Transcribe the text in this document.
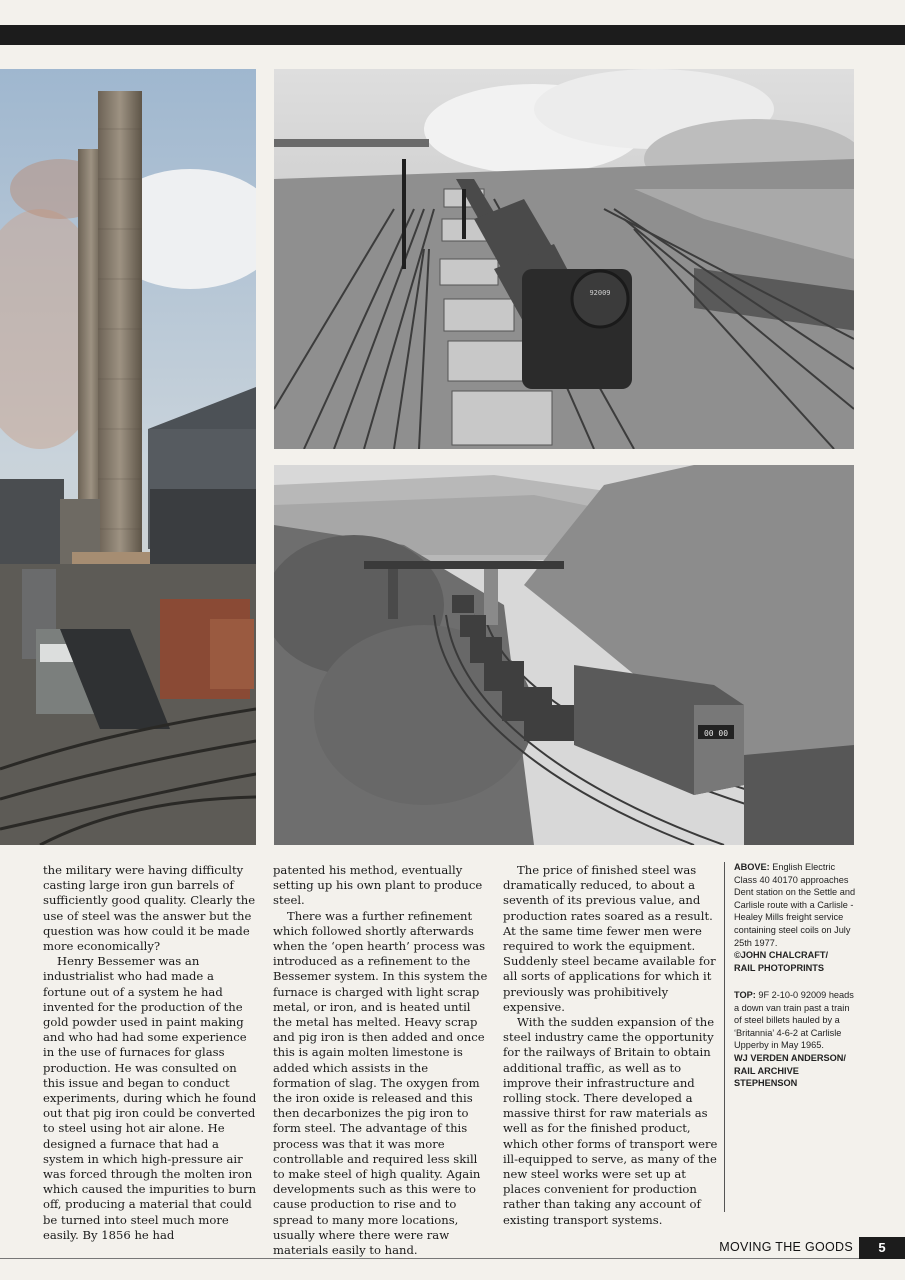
92009
00 00

the military were having difficulty casting large iron gun barrels of sufficiently good quality. Clearly the use of steel was the answer but the question was how could it be made more economically?

Henry Bessemer was an industrialist who had made a fortune out of a system he had invented for the production of the gold powder used in paint making and who had had some experience in the use of furnaces for glass production. He was consulted on this issue and began to conduct experiments, during which he found out that pig iron could be converted to steel using hot air alone. He designed a furnace that had a system in which high-pressure air was forced through the molten iron which caused the impurities to burn off, producing a material that could be turned into steel much more easily. By 1856 he had

patented his method, eventually setting up his own plant to produce steel.

There was a further refinement which followed shortly afterwards when the ‘open hearth’ process was introduced as a refinement to the Bessemer system. In this system the furnace is charged with light scrap metal, or iron, and is heated until the metal has melted. Heavy scrap and pig iron is then added and once this is again molten limestone is added which assists in the formation of slag. The oxygen from the iron oxide is released and this then decarbonizes the pig iron to form steel. The advantage of this process was that it was more controllable and required less skill to make steel of high quality. Again developments such as this were to cause production to rise and to spread to many more locations, usually where there were raw materials easily to hand.

The price of finished steel was dramatically reduced, to about a seventh of its previous value, and production rates soared as a result. At the same time fewer men were required to work the equipment. Suddenly steel became available for all sorts of applications for which it previously was prohibitively expensive.

With the sudden expansion of the steel industry came the opportunity for the railways of Britain to obtain additional traffic, as well as to improve their infrastructure and rolling stock. There developed a massive thirst for raw materials as well as for the finished product, which other forms of transport were ill-equipped to serve, as many of the new steel works were set up at places convenient for production rather than taking any account of existing transport systems.

ABOVE: English Electric Class 40 40170 approaches Dent station on the Settle and Carlisle route with a Carlisle - Healey Mills freight service containing steel coils on July 25th 1977.
©JOHN CHALCRAFT/
RAIL PHOTOPRINTS
TOP: 9F 2-10-0 92009 heads a down van train past a train of steel billets hauled by a ‘Britannia’ 4-6-2 at Carlisle Upperby in May 1965.
WJ VERDEN ANDERSON/
RAIL ARCHIVE STEPHENSON
MOVING THE GOODS	5
